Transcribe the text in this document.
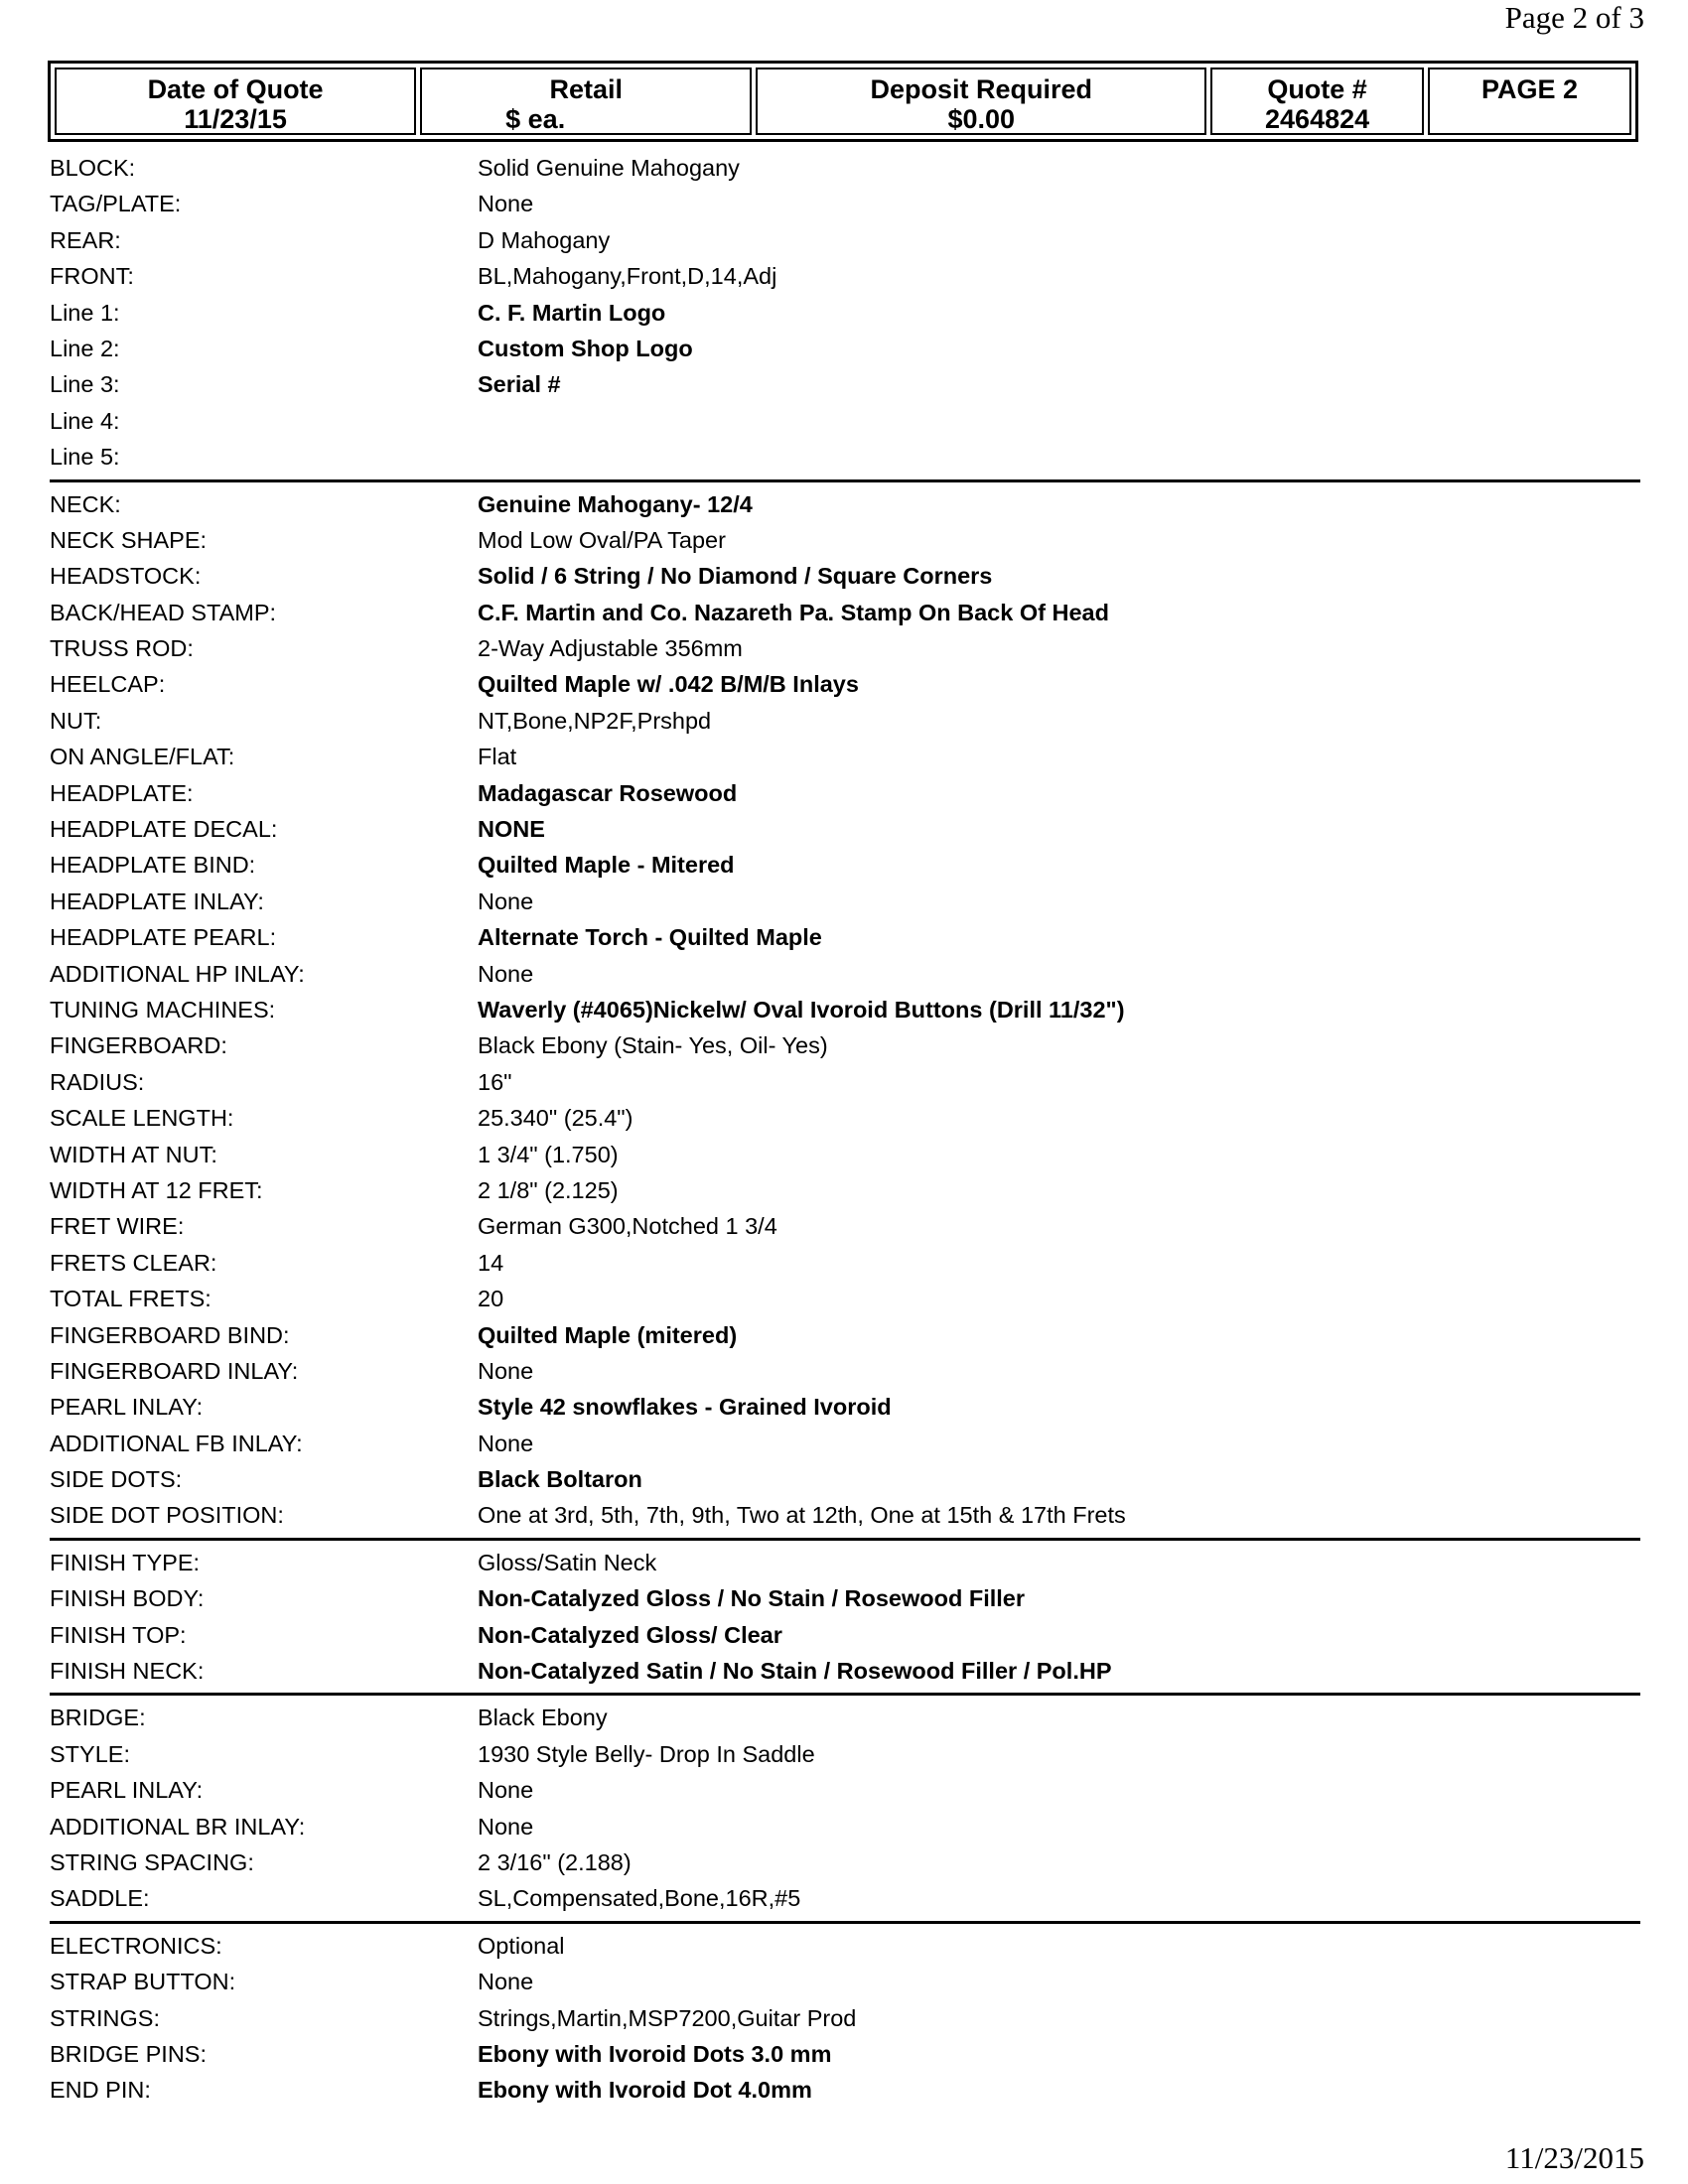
Page 2 of 3
Date of Quote
11/23/15
Retail
$ ea.
Deposit Required
$0.00
Quote #
2464824
PAGE 2
BLOCK:	Solid Genuine Mahogany
TAG/PLATE:	None
REAR:	D Mahogany
FRONT:	BL,Mahogany,Front,D,14,Adj
Line 1:	C. F. Martin Logo
Line 2:	Custom Shop Logo
Line 3:	Serial #
Line 4:
Line 5:
NECK:	Genuine Mahogany- 12/4
NECK SHAPE:	Mod Low Oval/PA Taper
HEADSTOCK:	Solid / 6 String / No Diamond / Square Corners
BACK/HEAD STAMP:	C.F. Martin and Co. Nazareth Pa. Stamp On Back Of Head
TRUSS ROD:	2-Way Adjustable 356mm
HEELCAP:	Quilted Maple w/ .042 B/M/B Inlays
NUT:	NT,Bone,NP2F,Prshpd
ON ANGLE/FLAT:	Flat
HEADPLATE:	Madagascar Rosewood
HEADPLATE DECAL:	NONE
HEADPLATE BIND:	Quilted Maple - Mitered
HEADPLATE INLAY:	None
HEADPLATE PEARL:	Alternate Torch - Quilted Maple
ADDITIONAL HP INLAY:	None
TUNING MACHINES:	Waverly (#4065)Nickelw/ Oval Ivoroid Buttons (Drill 11/32")
FINGERBOARD:	Black Ebony (Stain- Yes, Oil- Yes)
RADIUS:	16"
SCALE LENGTH:	25.340" (25.4")
WIDTH AT NUT:	1 3/4" (1.750)
WIDTH AT 12 FRET:	2 1/8" (2.125)
FRET WIRE:	German G300,Notched 1 3/4
FRETS CLEAR:	14
TOTAL FRETS:	20
FINGERBOARD BIND:	Quilted Maple (mitered)
FINGERBOARD INLAY:	None
PEARL INLAY:	Style 42 snowflakes - Grained Ivoroid
ADDITIONAL FB INLAY:	None
SIDE DOTS:	Black Boltaron
SIDE DOT POSITION:	One at 3rd, 5th, 7th, 9th, Two at 12th, One at 15th & 17th Frets
FINISH TYPE:	Gloss/Satin Neck
FINISH BODY:	Non-Catalyzed Gloss / No Stain / Rosewood Filler
FINISH TOP:	Non-Catalyzed Gloss/ Clear
FINISH NECK:	Non-Catalyzed Satin / No Stain / Rosewood Filler / Pol.HP
BRIDGE:	Black Ebony
STYLE:	1930 Style Belly- Drop In Saddle
PEARL INLAY:	None
ADDITIONAL BR INLAY:	None
STRING SPACING:	2 3/16" (2.188)
SADDLE:	SL,Compensated,Bone,16R,#5
ELECTRONICS:	Optional
STRAP BUTTON:	None
STRINGS:	Strings,Martin,MSP7200,Guitar Prod
BRIDGE PINS:	Ebony with Ivoroid Dots 3.0 mm
END PIN:	Ebony with Ivoroid Dot 4.0mm
11/23/2015
